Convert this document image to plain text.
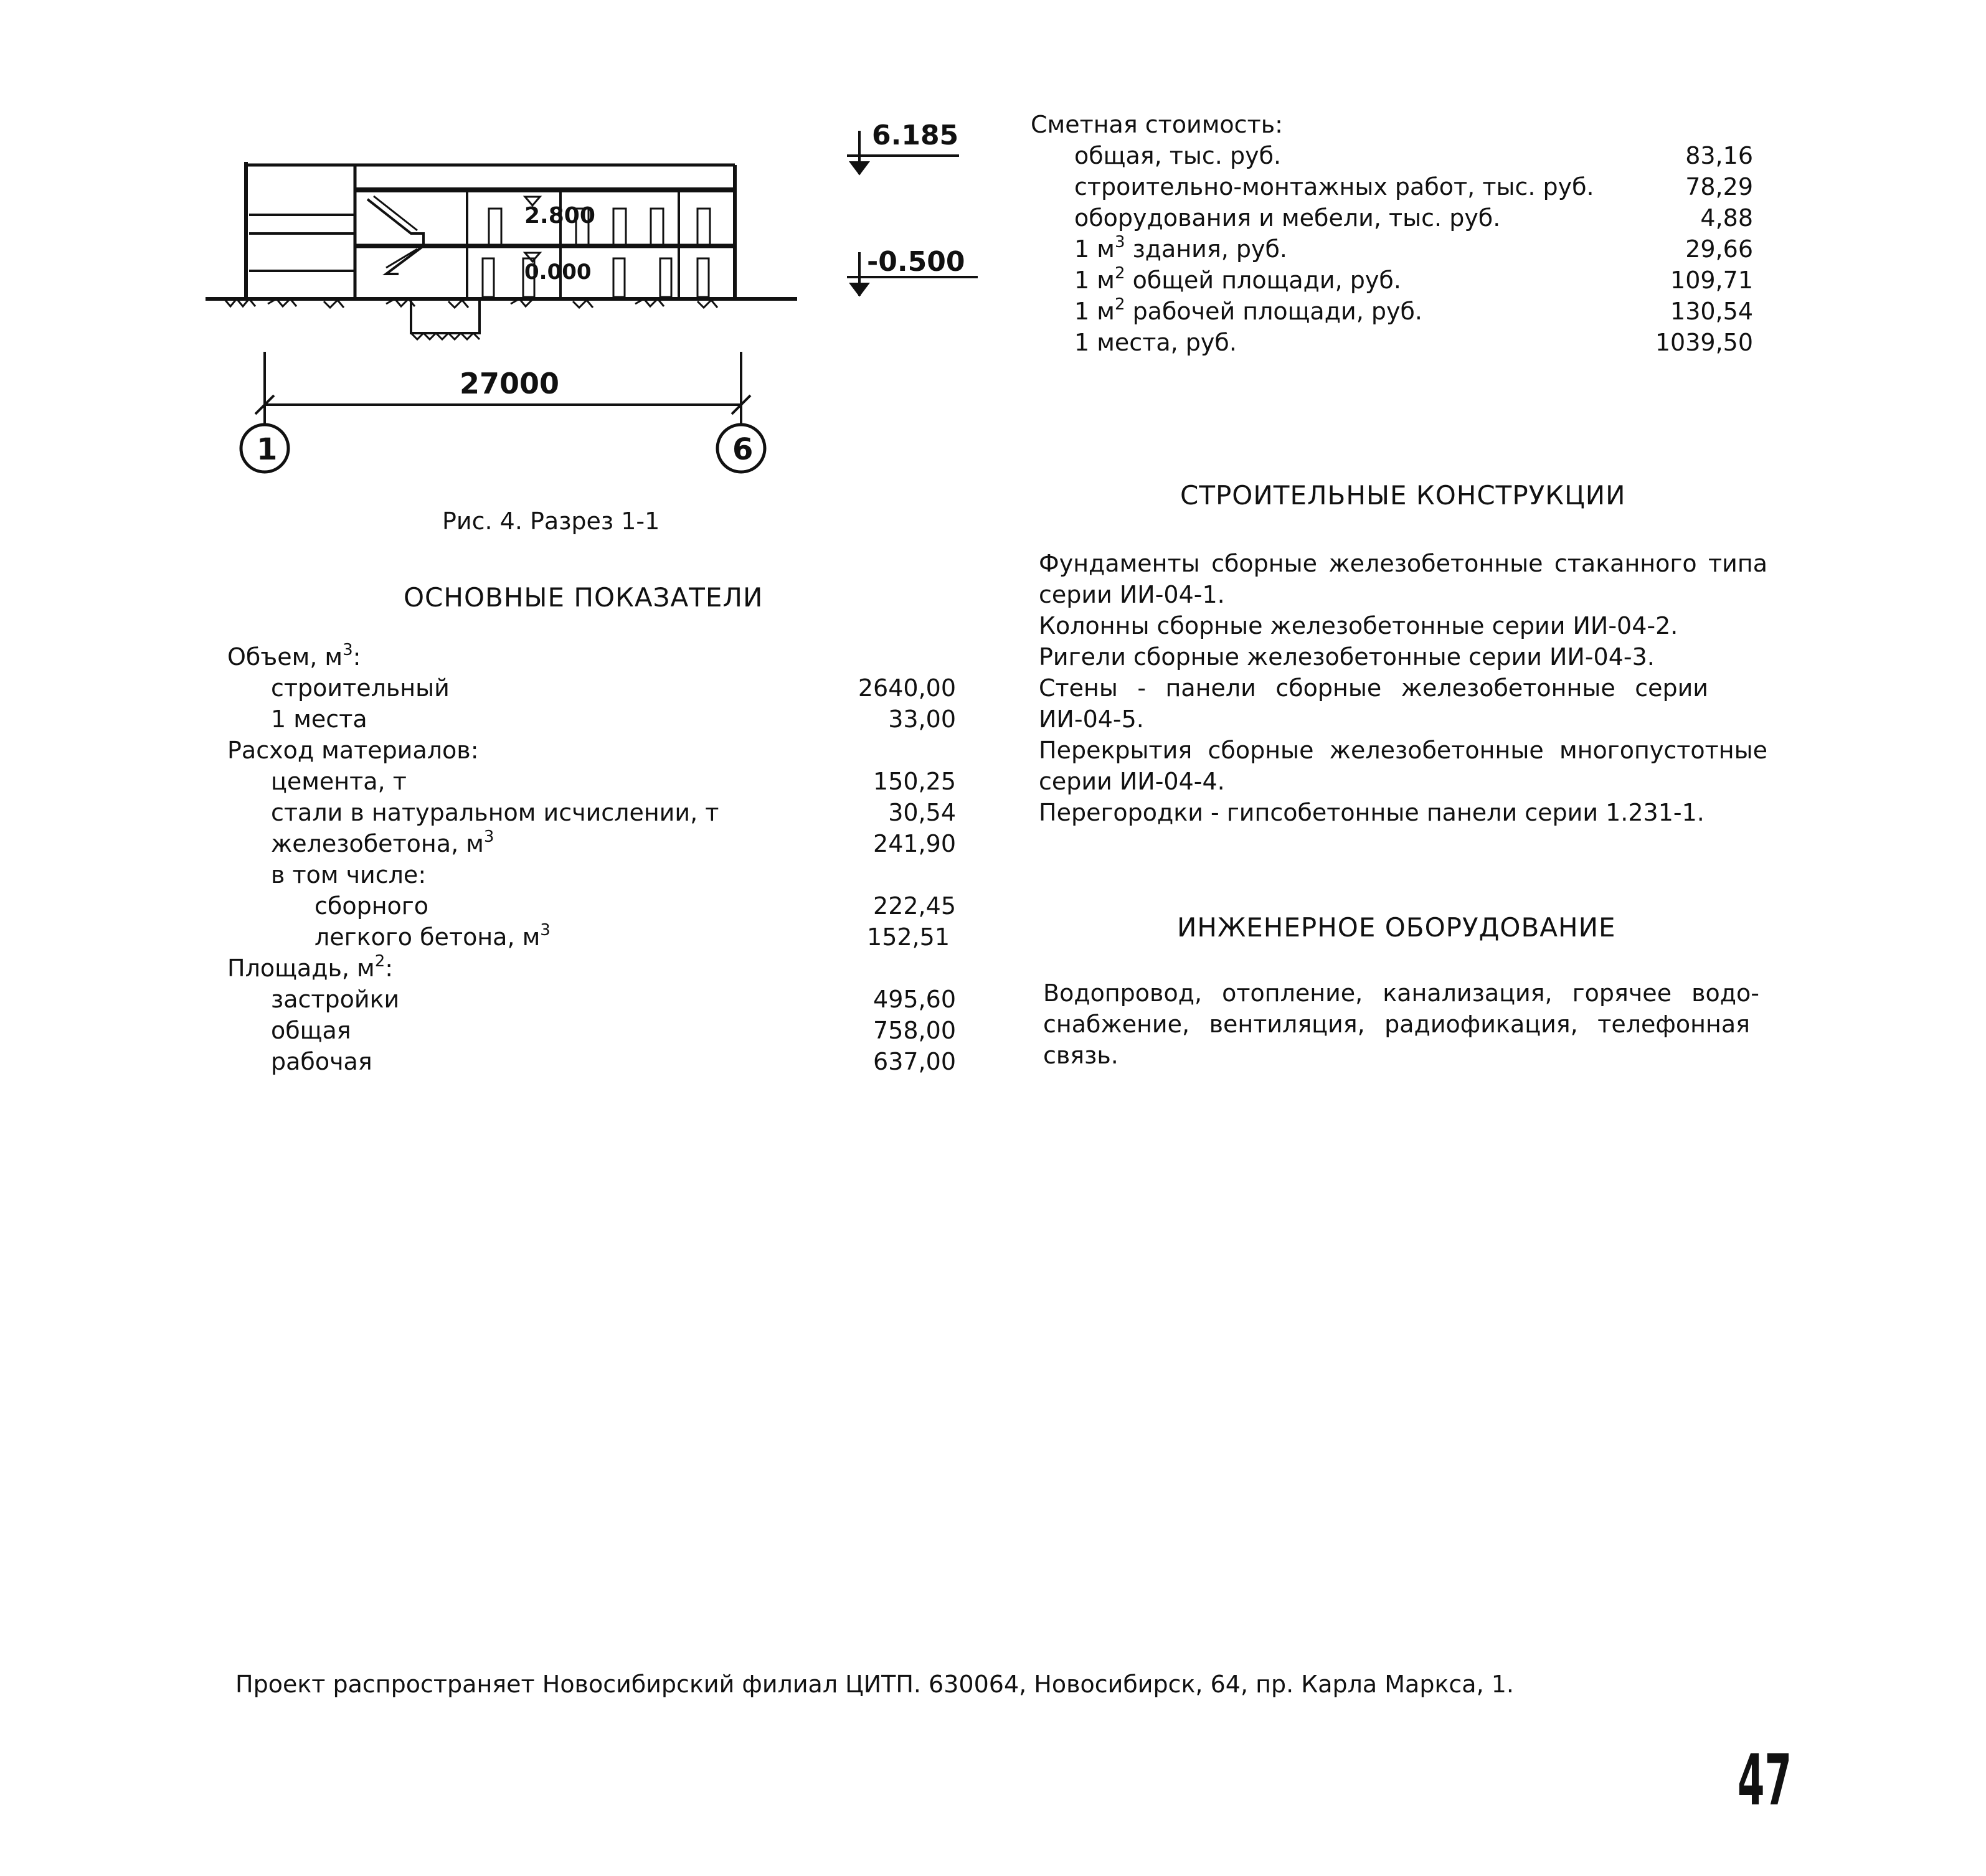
2.800
0.000
6.185
-0.500
27000
1	6
Рис. 4. Разрез 1-1
ОСНОВНЫЕ ПОКАЗАТЕЛИ
Объем, $м^3$:
строительный	2640,00
1 места	33,00
Расход материалов:
цемента, т	150,25
стали в натуральном исчислении, т	30,54
железобетона, $м^3$	241,90
в том числе:
сборного	222,45
легкого бетона, $м^3$	152,51
Площадь, $м^2$:
застройки	495,60
общая	758,00
рабочая	637,00
Сметная стоимость:
общая, тыс. руб.	83,16
строительно-монтажных работ, тыс. руб.	78,29
оборудования и мебели, тыс. руб.	4,88
1 $м^3$ здания, руб.	29,66
1 $м^2$ общей площади, руб.	109,71
1 $м^2$ рабочей площади, руб.	130,54
1 места, руб.	1039,50
СТРОИТЕЛЬНЫЕ КОНСТРУКЦИИ
Фундаменты сборные железобетонные стаканного типа
серии ИИ-04-1.
Колонны сборные железобетонные серии ИИ-04-2.
Ригели сборные железобетонные серии ИИ-04-3.
Стены - панели сборные железобетонные серии
ИИ-04-5.
Перекрытия сборные железобетонные многопустотные
серии ИИ-04-4.
Перегородки - гипсобетонные панели серии 1.231-1.
ИНЖЕНЕРНОЕ ОБОРУДОВАНИЕ
Водопровод, отопление, канализация, горячее водо-
снабжение, вентиляция, радиофикация, телефонная
связь.
Проект распространяет Новосибирский филиал ЦИТП. 630064, Новосибирск, 64, пр. Карла Маркса, 1.
47
